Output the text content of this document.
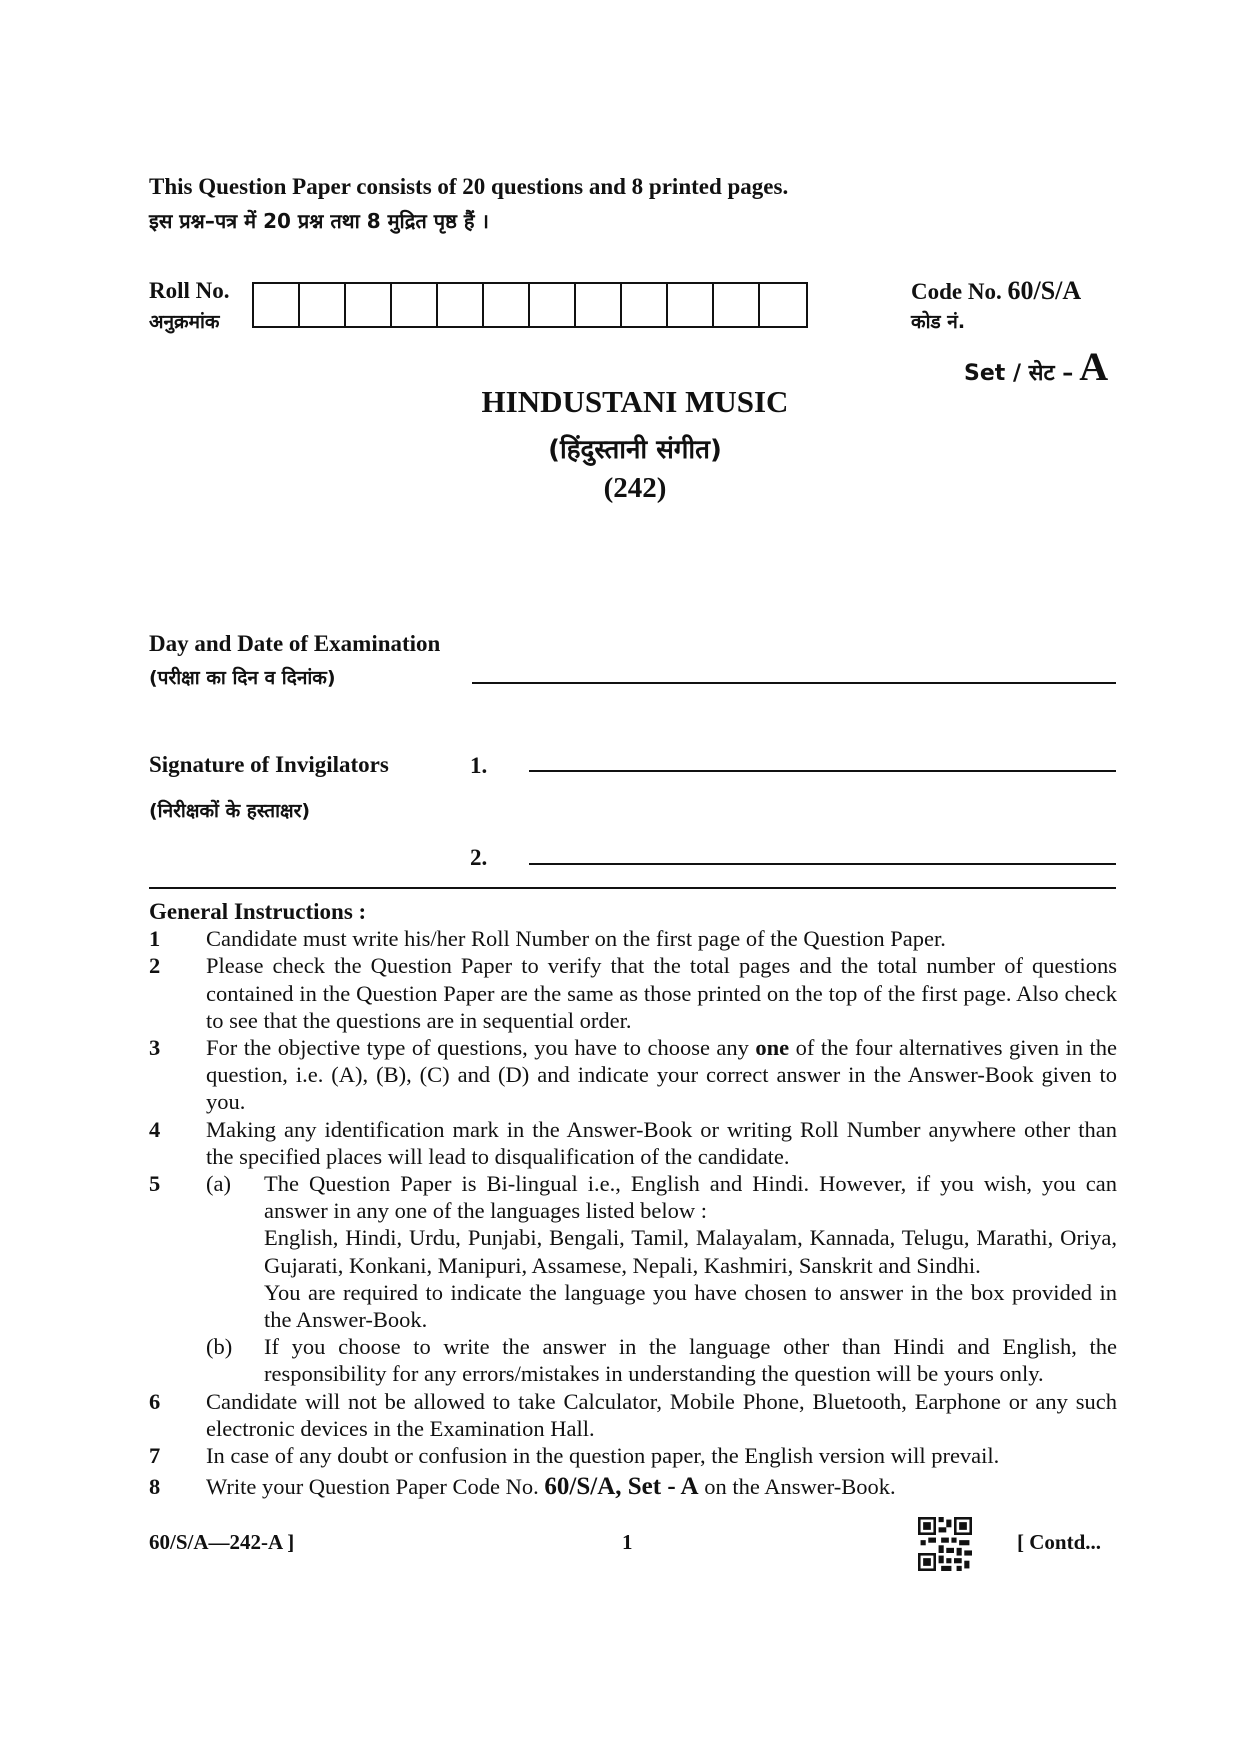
This Question Paper consists of 20 questions and 8 printed pages.
इस प्रश्न–पत्र में 20 प्रश्न तथा 8 मुद्रित पृष्ठ हैं ।
Roll No.
अनुक्रमांक
Code No. 60/S/A
कोड नं.
Set / सेट – A
HINDUSTANI MUSIC
(हिंदुस्तानी संगीत)
(242)
Day and Date of Examination
(परीक्षा का दिन व दिनांक)
Signature of Invigilators
(निरीक्षकों के हस्ताक्षर)
1.
2.
General Instructions :
1	Candidate must write his/her Roll Number on the first page of the Question Paper.
2	Please check the Question Paper to verify that the total pages and the total number of questions contained in the Question Paper are the same as those printed on the top of the first page. Also check to see that the questions are in sequential order.
3	For the objective type of questions, you have to choose any one of the four alternatives given in the question, i.e. (A), (B), (C) and (D) and indicate your correct answer in the Answer-Book given to you.
4	Making any identification mark in the Answer-Book or writing Roll Number anywhere other than the specified places will lead to disqualification of the candidate.
5	(a)	The Question Paper is Bi-lingual i.e., English and Hindi. However, if you wish, you can answer in any one of the languages listed below :
English, Hindi, Urdu, Punjabi, Bengali, Tamil, Malayalam, Kannada, Telugu, Marathi, Oriya, Gujarati, Konkani, Manipuri, Assamese, Nepali, Kashmiri, Sanskrit and Sindhi.
You are required to indicate the language you have chosen to answer in the box provided in the Answer-Book.
(b)	If you choose to write the answer in the language other than Hindi and English, the responsibility for any errors/mistakes in understanding the question will be yours only.
6	Candidate will not be allowed to take Calculator, Mobile Phone, Bluetooth, Earphone or any such electronic devices in the Examination Hall.
7	In case of any doubt or confusion in the question paper, the English version will prevail.
8	Write your Question Paper Code No. 60/S/A, Set - A on the Answer-Book.
60/S/A—242-A ]	1	[ Contd...
